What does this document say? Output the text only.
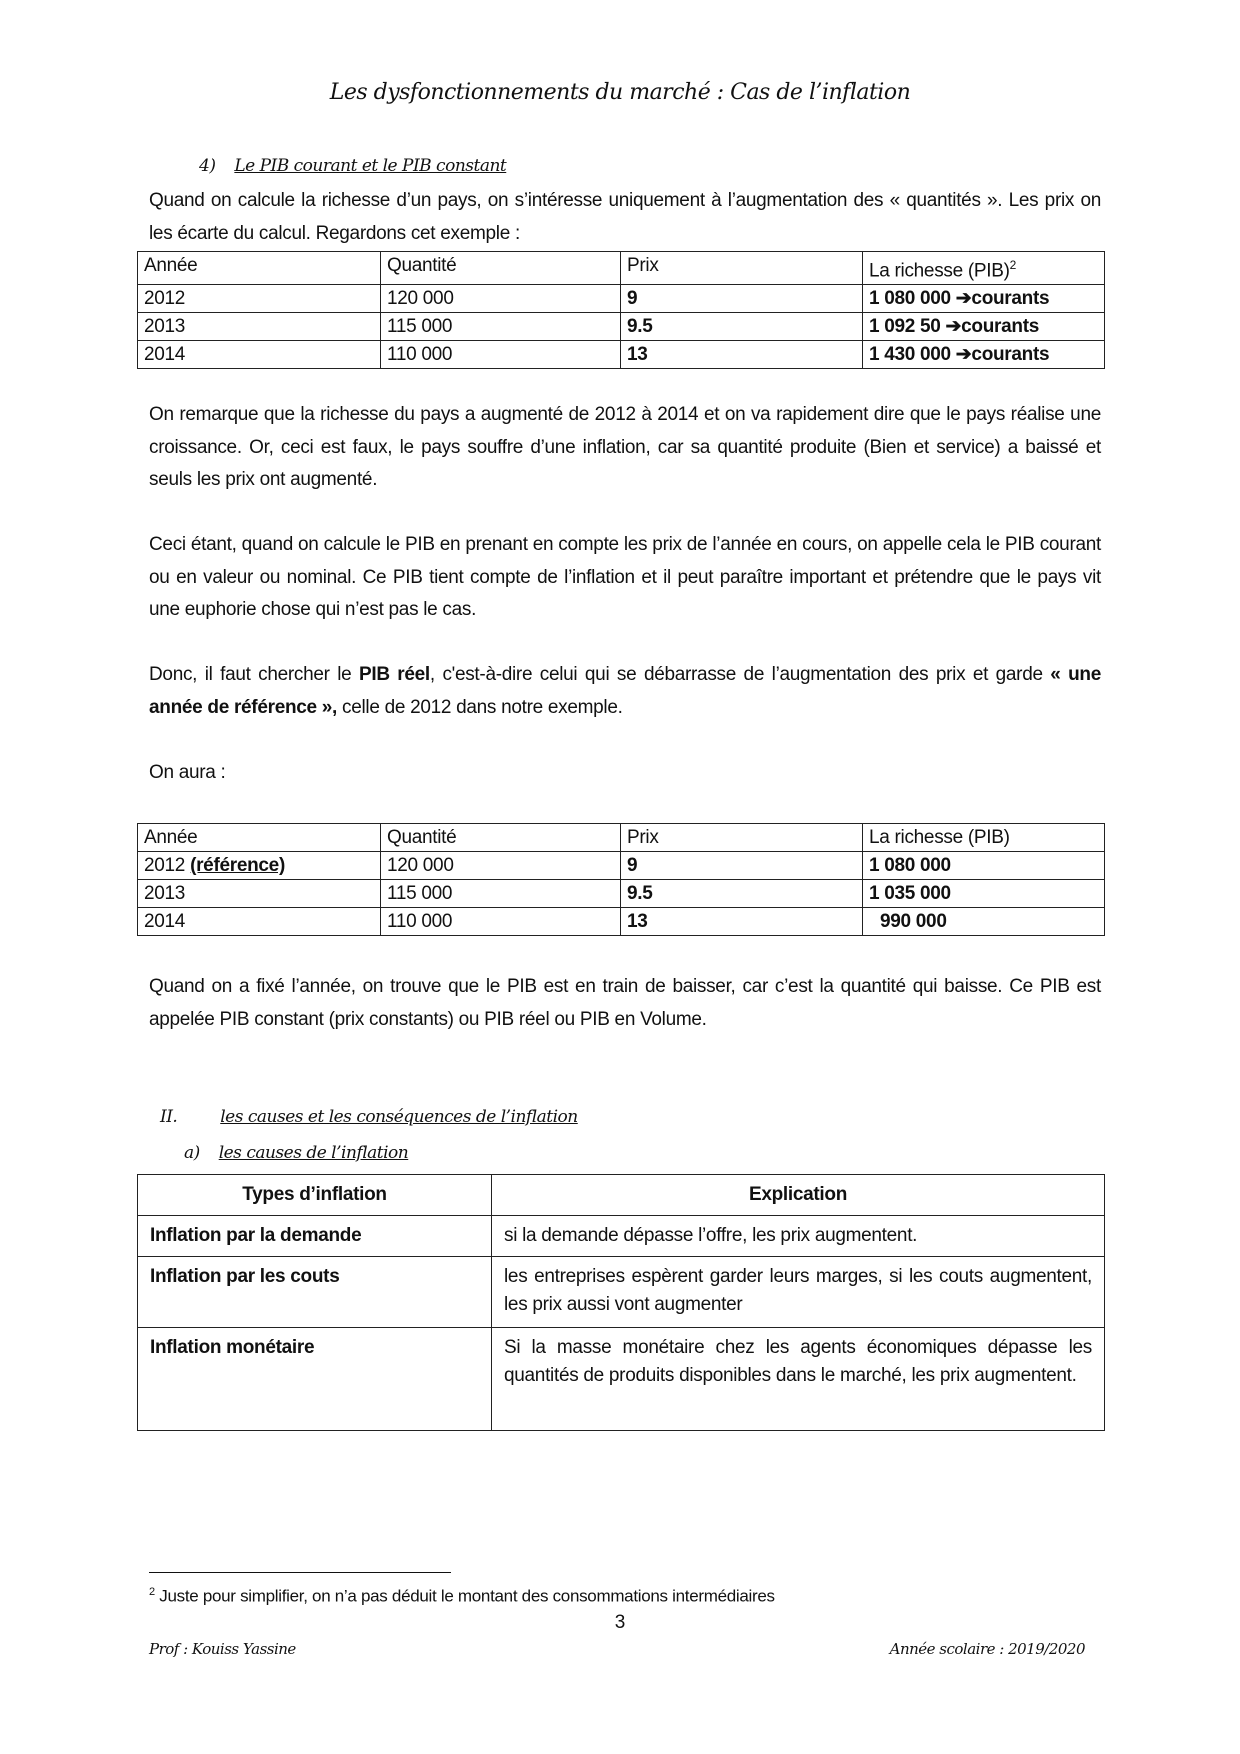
Les dysfonctionnements du marché : Cas de l’inflation
4) Le PIB courant et le PIB constant
Quand on calcule la richesse d’un pays, on s’intéresse uniquement à l’augmentation des « quantités ». Les prix on les écarte du calcul. Regardons cet exemple :
Année	Quantité	Prix	La richesse (PIB)$^2$
2012	120 000	9	1 080 000 ➔courants
2013	115 000	9.5	1 092 50 ➔courants
2014	110 000	13	1 430 000 ➔courants
On remarque que la richesse du pays a augmenté de 2012 à 2014 et on va rapidement dire que le pays réalise une croissance. Or, ceci est faux, le pays souffre d’une inflation, car sa quantité produite (Bien et service) a baissé et seuls les prix ont augmenté.
Ceci étant, quand on calcule le PIB en prenant en compte les prix de l’année en cours, on appelle cela le PIB courant ou en valeur ou nominal. Ce PIB tient compte de l’inflation et il peut paraître important et prétendre que le pays vit une euphorie chose qui n’est pas le cas.
Donc, il faut chercher le PIB réel, c'est-à-dire celui qui se débarrasse de l’augmentation des prix et garde « une année de référence », celle de 2012 dans notre exemple.
On aura :
Année	Quantité	Prix	La richesse (PIB)
2012 (référence)	120 000	9	1 080 000
2013	115 000	9.5	1 035 000
2014	110 000	13	990 000
Quand on a fixé l’année, on trouve que le PIB est en train de baisser, car c’est la quantité qui baisse. Ce PIB est appelée PIB constant (prix constants) ou PIB réel ou PIB en Volume.
II.	les causes et les conséquences de l’inflation
a) les causes de l’inflation
Types d’inflation	Explication
Inflation par la demande	si la demande dépasse l’offre, les prix augmentent.
Inflation par les couts	les entreprises espèrent garder leurs marges, si les couts augmentent, les prix aussi vont augmenter
Inflation monétaire	Si la masse monétaire chez les agents économiques dépasse les quantités de produits disponibles dans le marché, les prix augmentent.
$^2$ Juste pour simplifier, on n’a pas déduit le montant des consommations intermédiaires
3
Prof : Kouiss Yassine	Année scolaire : 2019/2020
